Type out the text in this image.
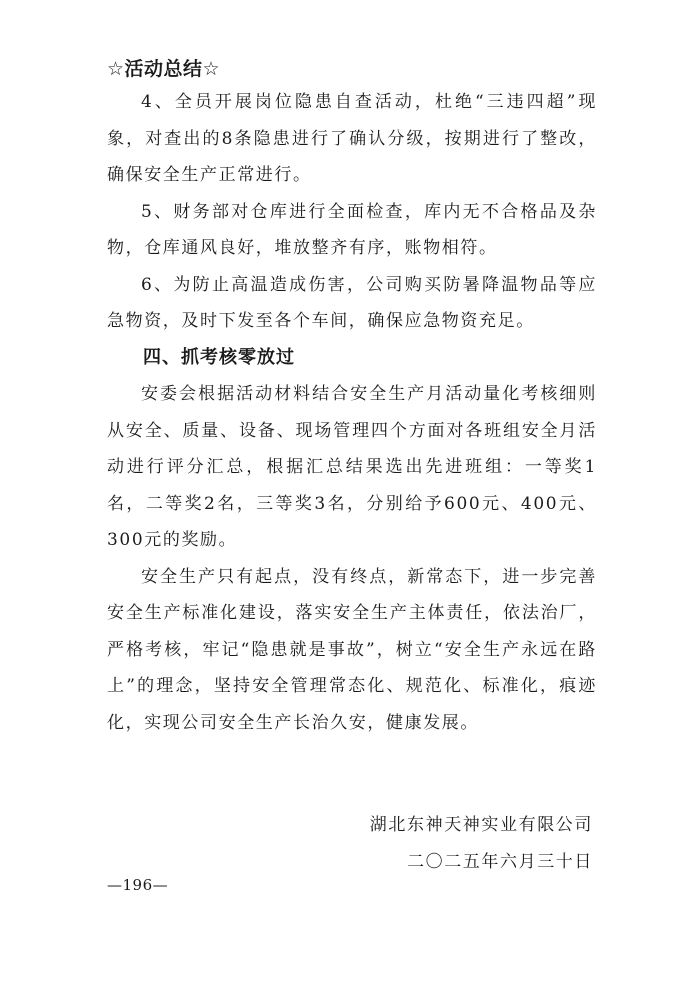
☆活动总结☆

4、全员开展岗位隐患自查活动，杜绝“三违四超”现象，对查出的8条隐患进行了确认分级，按期进行了整改，确保安全生产正常进行。

5、财务部对仓库进行全面检查，库内无不合格品及杂物，仓库通风良好，堆放整齐有序，账物相符。

6、为防止高温造成伤害，公司购买防暑降温物品等应急物资，及时下发至各个车间，确保应急物资充足。

四、抓考核零放过

安委会根据活动材料结合安全生产月活动量化考核细则从安全、质量、设备、现场管理四个方面对各班组安全月活动进行评分汇总，根据汇总结果选出先进班组：一等奖1名，二等奖2名，三等奖3名，分别给予600元、400元、300元的奖励。

安全生产只有起点，没有终点，新常态下，进一步完善安全生产标准化建设，落实安全生产主体责任，依法治厂，严格考核，牢记“隐患就是事故”，树立“安全生产永远在路上”的理念，坚持安全管理常态化、规范化、标准化，痕迹化，实现公司安全生产长治久安，健康发展。

湖北东神天神实业有限公司
二〇二五年六月三十日
—196—
